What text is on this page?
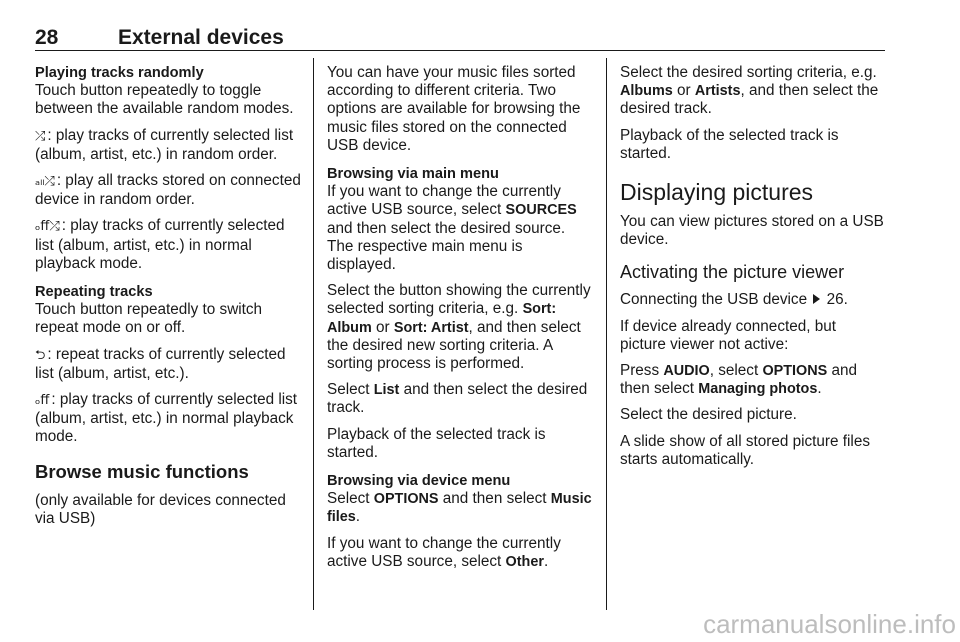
28	External devices
Playing tracks randomly

Touch button repeatedly to toggle between the available random modes.

⤮ : play tracks of currently selected list (album, artist, etc.) in random order.

ₐₗₗ⤮ : play all tracks stored on connected device in random order.

ₒff⤮ : play tracks of currently selected list (album, artist, etc.) in normal playback mode.

Repeating tracks

Touch button repeatedly to switch repeat mode on or off.

⮌ : repeat tracks of currently selected list (album, artist, etc.).

ₒff : play tracks of currently selected list (album, artist, etc.) in normal playback mode.

Browse music functions

(only available for devices connected via USB)

You can have your music files sorted according to different criteria. Two options are available for browsing the music files stored on the connected USB device.

Browsing via main menu

If you want to change the currently active USB source, select SOURCES and then select the desired source. The respective main menu is displayed.

Select the button showing the currently selected sorting criteria, e.g. Sort: Album or Sort: Artist, and then select the desired new sorting criteria. A sorting process is performed.

Select List and then select the desired track.

Playback of the selected track is started.

Browsing via device menu

Select OPTIONS and then select Music files.

If you want to change the currently active USB source, select Other.

Select the desired sorting criteria, e.g. Albums or Artists, and then select the desired track.

Playback of the selected track is started.

Displaying pictures

You can view pictures stored on a USB device.

Activating the picture viewer

Connecting the USB device  26.

If device already connected, but picture viewer not active:

Press AUDIO, select OPTIONS and then select Managing photos.

Select the desired picture.

A slide show of all stored picture files starts automatically.

carmanualsonline.info
